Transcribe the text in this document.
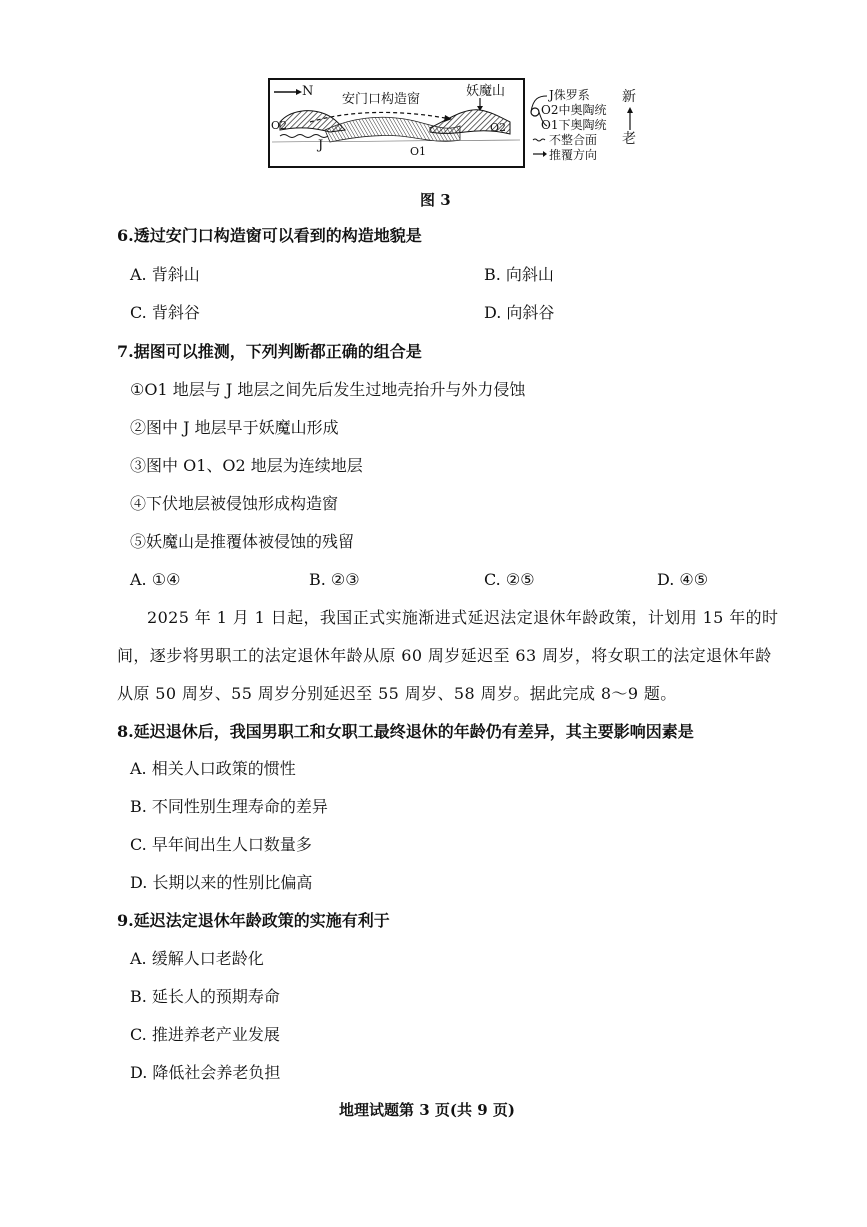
N
安门口构造窗
妖魔山
O2	O2
J	O1
J侏罗系
O2中奥陶统
O1下奥陶统
不整合面
推覆方向
新
老
图 3
6.透过安门口构造窗可以看到的构造地貌是
A. 背斜山	B. 向斜山
C. 背斜谷	D. 向斜谷
7.据图可以推测，下列判断都正确的组合是
①O1 地层与 J 地层之间先后发生过地壳抬升与外力侵蚀
②图中 J 地层早于妖魔山形成
③图中 O1、O2 地层为连续地层
④下伏地层被侵蚀形成构造窗
⑤妖魔山是推覆体被侵蚀的残留
A. ①④	B. ②③	C. ②⑤	D. ④⑤
2025 年 1 月 1 日起，我国正式实施渐进式延迟法定退休年龄政策，计划用 15 年的时
间，逐步将男职工的法定退休年龄从原 60 周岁延迟至 63 周岁，将女职工的法定退休年龄
从原 50 周岁、55 周岁分别延迟至 55 周岁、58 周岁。据此完成 8～9 题。
8.延迟退休后，我国男职工和女职工最终退休的年龄仍有差异，其主要影响因素是
A. 相关人口政策的惯性
B. 不同性别生理寿命的差异
C. 早年间出生人口数量多
D. 长期以来的性别比偏高
9.延迟法定退休年龄政策的实施有利于
A. 缓解人口老龄化
B. 延长人的预期寿命
C. 推进养老产业发展
D. 降低社会养老负担
地理试题第 3 页(共 9 页)
